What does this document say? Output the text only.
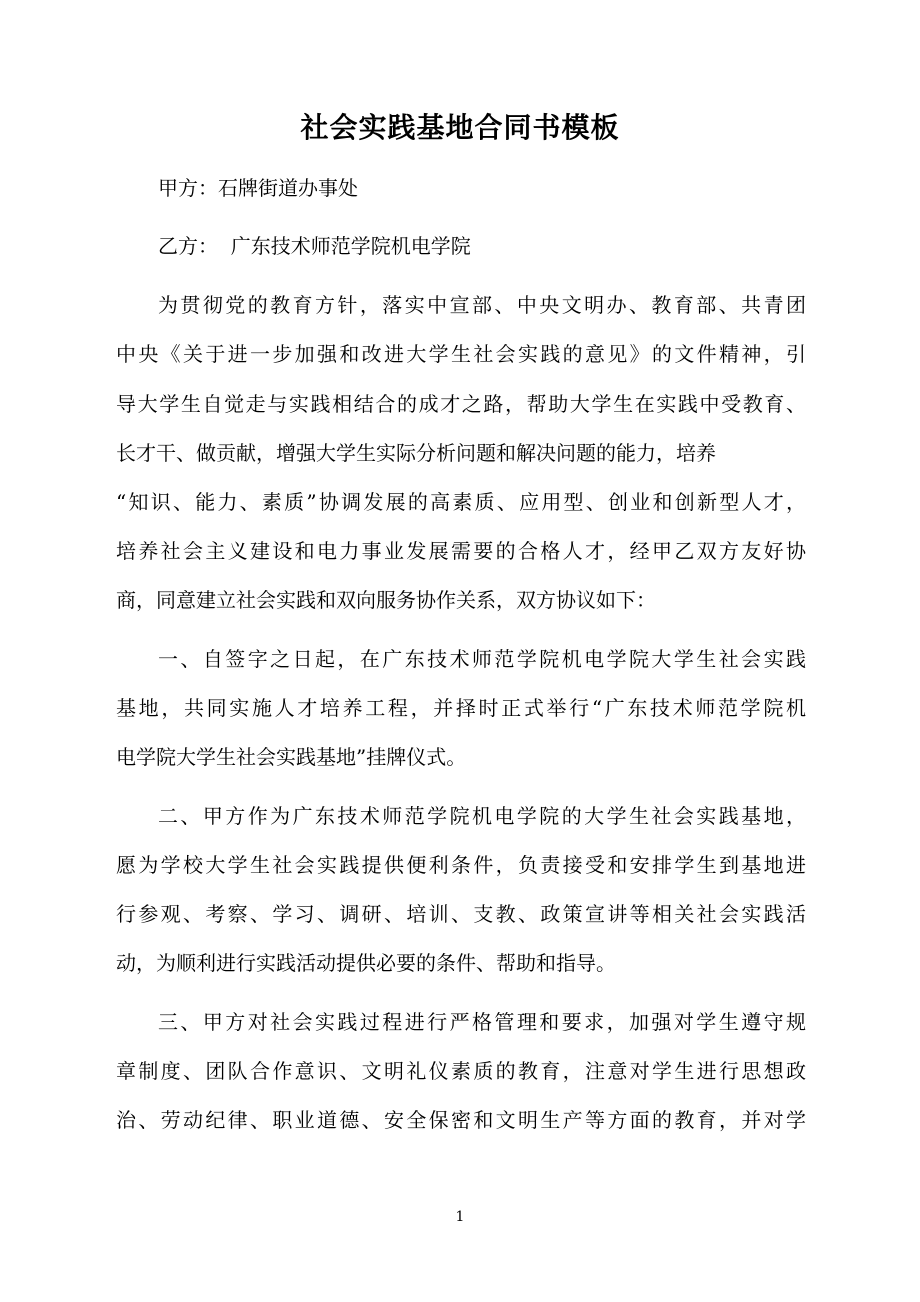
社会实践基地合同书模板

甲方：石牌街道办事处

乙方：  广东技术师范学院机电学院

为贯彻党的教育方针，落实中宣部、中央文明办、教育部、共青团

中央《关于进一步加强和改进大学生社会实践的意见》的文件精神，引

导大学生自觉走与实践相结合的成才之路，帮助大学生在实践中受教育、

长才干、做贡献，增强大学生实际分析问题和解决问题的能力，培养

“知识、能力、素质”协调发展的高素质、应用型、创业和创新型人才，

培养社会主义建设和电力事业发展需要的合格人才，经甲乙双方友好协

商，同意建立社会实践和双向服务协作关系，双方协议如下：

一、自签字之日起，在广东技术师范学院机电学院大学生社会实践

基地，共同实施人才培养工程，并择时正式举行“广东技术师范学院机

电学院大学生社会实践基地”挂牌仪式。

二、甲方作为广东技术师范学院机电学院的大学生社会实践基地，

愿为学校大学生社会实践提供便利条件，负责接受和安排学生到基地进

行参观、考察、学习、调研、培训、支教、政策宣讲等相关社会实践活

动，为顺利进行实践活动提供必要的条件、帮助和指导。

三、甲方对社会实践过程进行严格管理和要求，加强对学生遵守规

章制度、团队合作意识、文明礼仪素质的教育，注意对学生进行思想政

治、劳动纪律、职业道德、安全保密和文明生产等方面的教育，并对学

1
